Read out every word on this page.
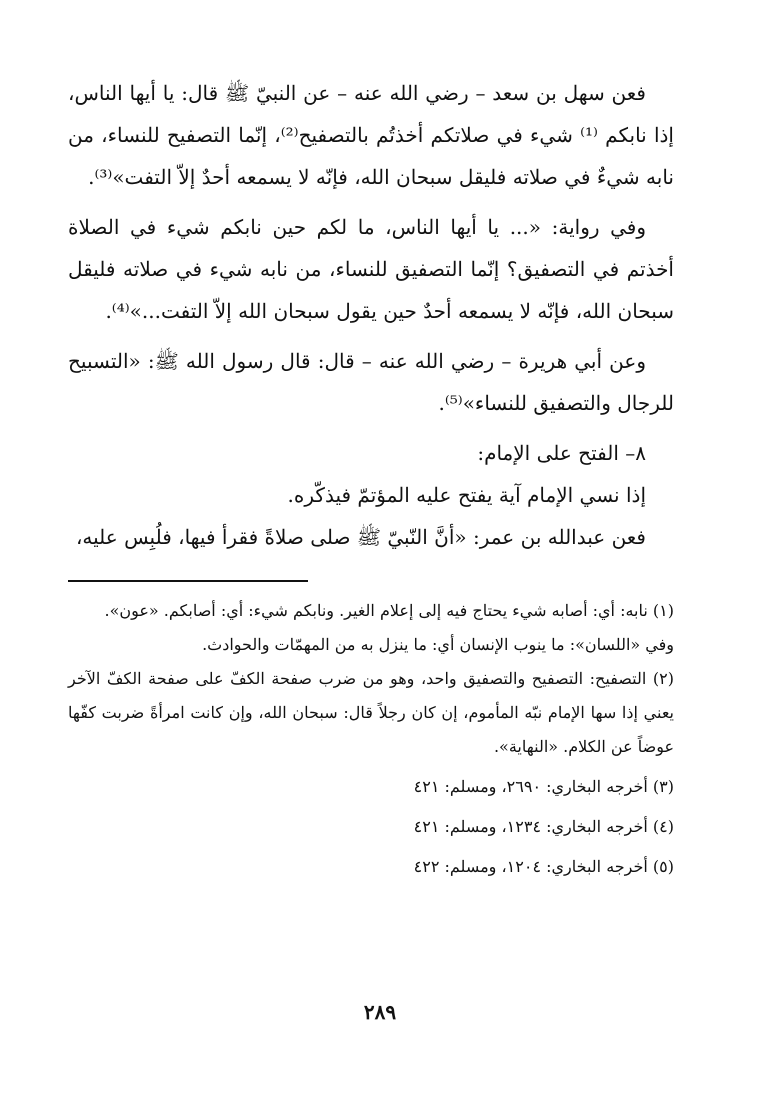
فعن سهل بن سعد – رضي الله عنه – عن النبيّ ﷺ قال: يا أيها الناس، إذا نابكم ⁽¹⁾ شيء في صلاتكم أخذتُم بالتصفيح⁽²⁾، إنّما التصفيح للنساء، من نابه شيءٌ في صلاته فليقل سبحان الله، فإنّه لا يسمعه أحدٌ إلاّ التفت»⁽³⁾.

وفي رواية: «... يا أيها الناس، ما لكم حين نابكم شيء في الصلاة أخذتم في التصفيق؟ إنّما التصفيق للنساء، من نابه شيء في صلاته فليقل سبحان الله، فإنّه لا يسمعه أحدٌ حين يقول سبحان الله إلاّ التفت...»⁽⁴⁾.

وعن أبي هريرة – رضي الله عنه – قال: قال رسول الله ﷺ: «التسبيح للرجال والتصفيق للنساء»⁽⁵⁾.

٨– الفتح على الإمام:

إذا نسي الإمام آية يفتح عليه المؤتمّ فيذكّره.

فعن عبدالله بن عمر: «أنَّ النّبيّ ﷺ صلى صلاةً فقرأ فيها، فلُبِس عليه،

(١) نابه: أي: أصابه شيء يحتاج فيه إلى إعلام الغير. ونابكم شيء: أي: أصابكم. «عون».

وفي «اللسان»: ما ينوب الإنسان أي: ما ينزل به من المهمّات والحوادث.

(٢) التصفيح: التصفيح والتصفيق واحد، وهو من ضرب صفحة الكفّ على صفحة الكفّ الآخر يعني إذا سها الإمام نبّه المأموم، إن كان رجلاً قال: سبحان الله، وإن كانت امرأةً ضربت كفّها عوضاً عن الكلام. «النهاية».

(٣) أخرجه البخاري: ٢٦٩٠، ومسلم: ٤٢١

(٤) أخرجه البخاري: ١٢٣٤، ومسلم: ٤٢١

(٥) أخرجه البخاري: ١٢٠٤، ومسلم: ٤٢٢

٢٨٩
